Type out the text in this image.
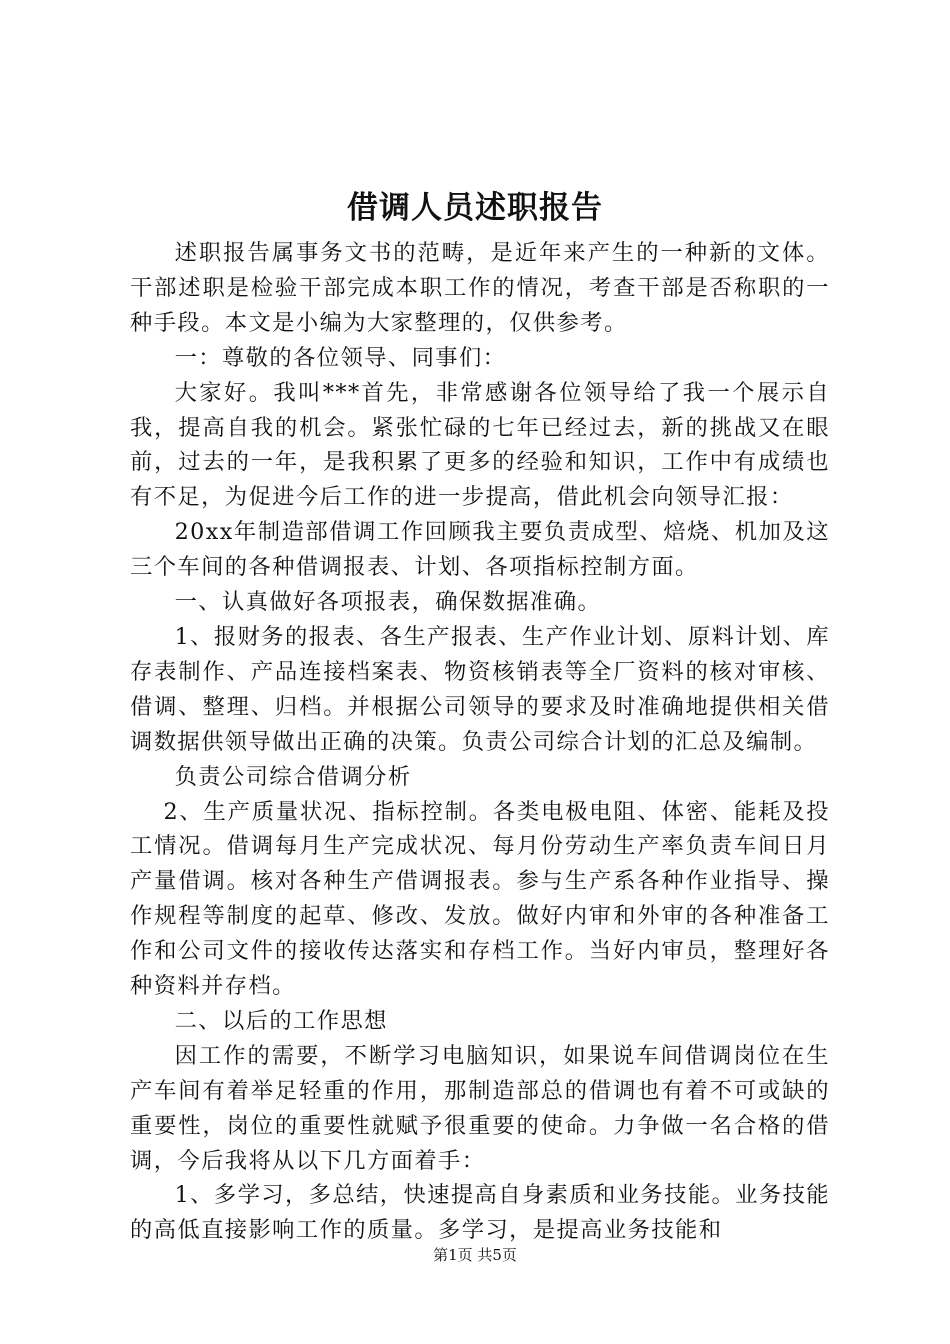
借调人员述职报告

述职报告属事务文书的范畴，是近年来产生的一种新的文体。干部述职是检验干部完成本职工作的情况，考查干部是否称职的一种手段。本文是小编为大家整理的，仅供参考。

一：尊敬的各位领导、同事们：

大家好。我叫***首先，非常感谢各位领导给了我一个展示自我，提高自我的机会。紧张忙碌的七年已经过去，新的挑战又在眼前，过去的一年，是我积累了更多的经验和知识，工作中有成绩也有不足，为促进今后工作的进一步提高，借此机会向领导汇报：

20xx年制造部借调工作回顾我主要负责成型、焙烧、机加及这三个车间的各种借调报表、计划、各项指标控制方面。

一、认真做好各项报表，确保数据准确。

1、报财务的报表、各生产报表、生产作业计划、原料计划、库存表制作、产品连接档案表、物资核销表等全厂资料的核对审核、借调、整理、归档。并根据公司领导的要求及时准确地提供相关借调数据供领导做出正确的决策。负责公司综合计划的汇总及编制。

负责公司综合借调分析

2、生产质量状况、指标控制。各类电极电阻、体密、能耗及投工情况。借调每月生产完成状况、每月份劳动生产率负责车间日月产量借调。核对各种生产借调报表。参与生产系各种作业指导、操作规程等制度的起草、修改、发放。做好内审和外审的各种准备工作和公司文件的接收传达落实和存档工作。当好内审员，整理好各种资料并存档。

二、以后的工作思想

因工作的需要，不断学习电脑知识，如果说车间借调岗位在生产车间有着举足轻重的作用，那制造部总的借调也有着不可或缺的重要性，岗位的重要性就赋予很重要的使命。力争做一名合格的借调，今后我将从以下几方面着手：

1、多学习，多总结，快速提高自身素质和业务技能。业务技能的高低直接影响工作的质量。多学习，是提高业务技能和

第1页 共5页
